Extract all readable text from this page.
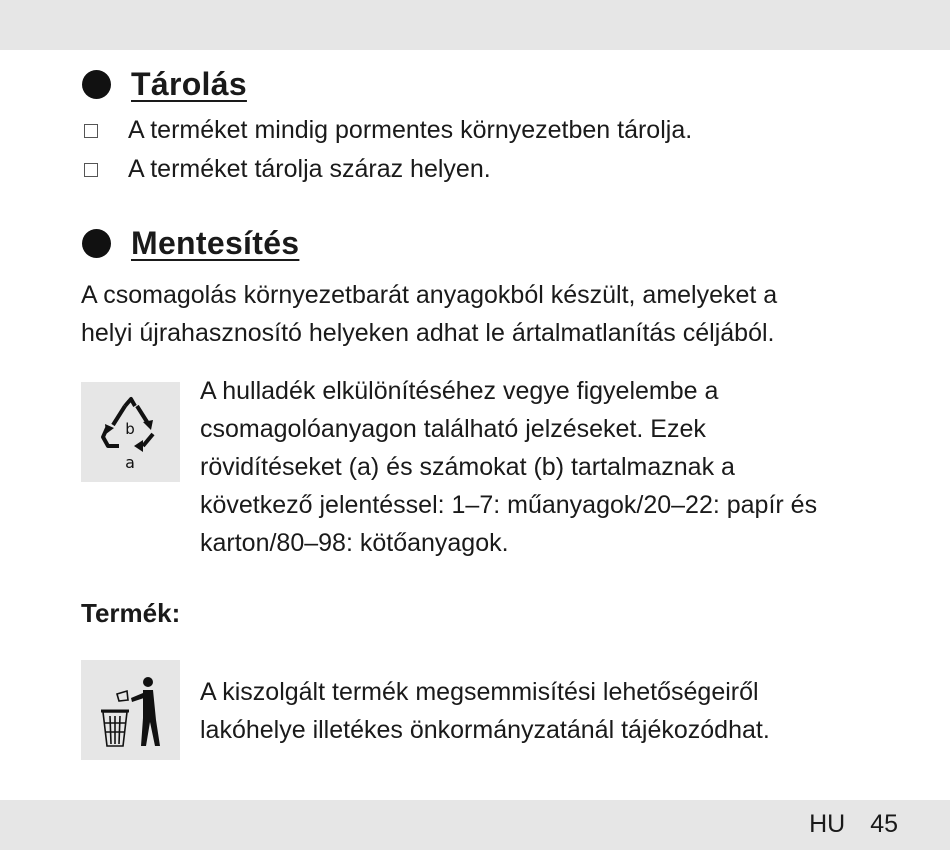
Tárolás
A terméket mindig pormentes környezetben tárolja.
A terméket tárolja száraz helyen.
Mentesítés

A csomagolás környezetbarát anyagokból készült, amelyeket a

helyi újrahasznosító helyeken adhat le ártalmatlanítás céljából.

b
a

A hulladék elkülönítéséhez vegye figyelembe a

csomagolóanyagon található jelzéseket. Ezek

rövidítéseket (a) és számokat (b) tartalmaznak a

következő jelentéssel: 1–7: műanyagok/20–22: papír és

karton/80–98: kötőanyagok.

Termék:

A kiszolgált termék megsemmisítési lehetőségeiről

lakóhelye illetékes önkormányzatánál tájékozódhat.

HU 45
